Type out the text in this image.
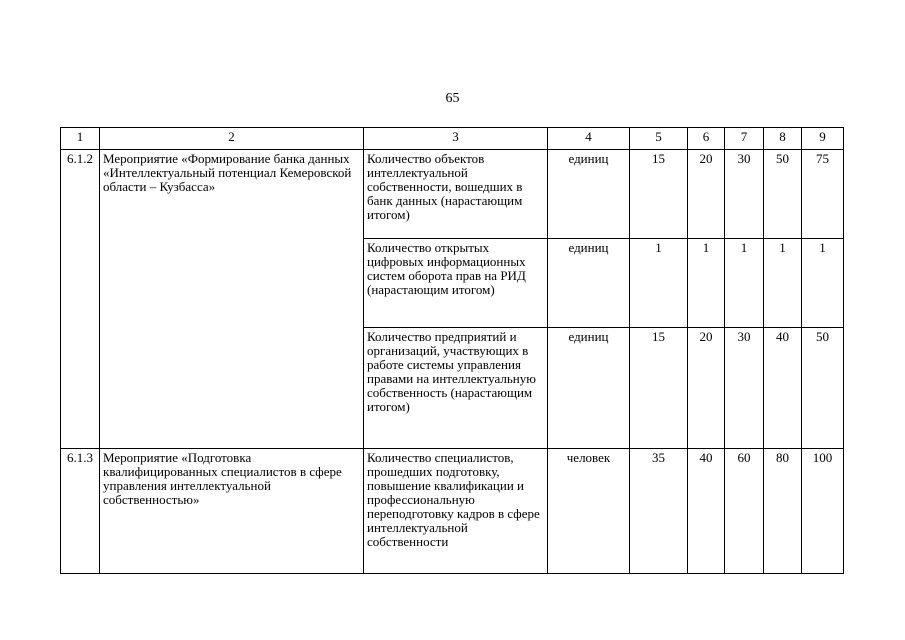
65
1	2	3	4	5	6	7	8	9
6.1.2	Мероприятие «Формирование банка данных «Интеллектуальный потенциал Кемеровской области – Кузбасса»	Количество объектов интеллектуальной собственности, вошедших в банк данных (нарастающим итогом)	единиц	15	20	30	50	75
		Количество открытых цифровых информационных систем оборота прав на РИД (нарастающим итогом)	единиц	1	1	1	1	1
		Количество предприятий и организаций, участвующих в работе системы управления правами на интеллектуальную собственность (нарастающим итогом)	единиц	15	20	30	40	50
6.1.3	Мероприятие «Подготовка квалифицированных специалистов в сфере управления интеллектуальной собственностью»	Количество специалистов, прошедших подготовку, повышение квалификации и профессиональную переподготовку кадров в сфере интеллектуальной собственности	человек	35	40	60	80	100
